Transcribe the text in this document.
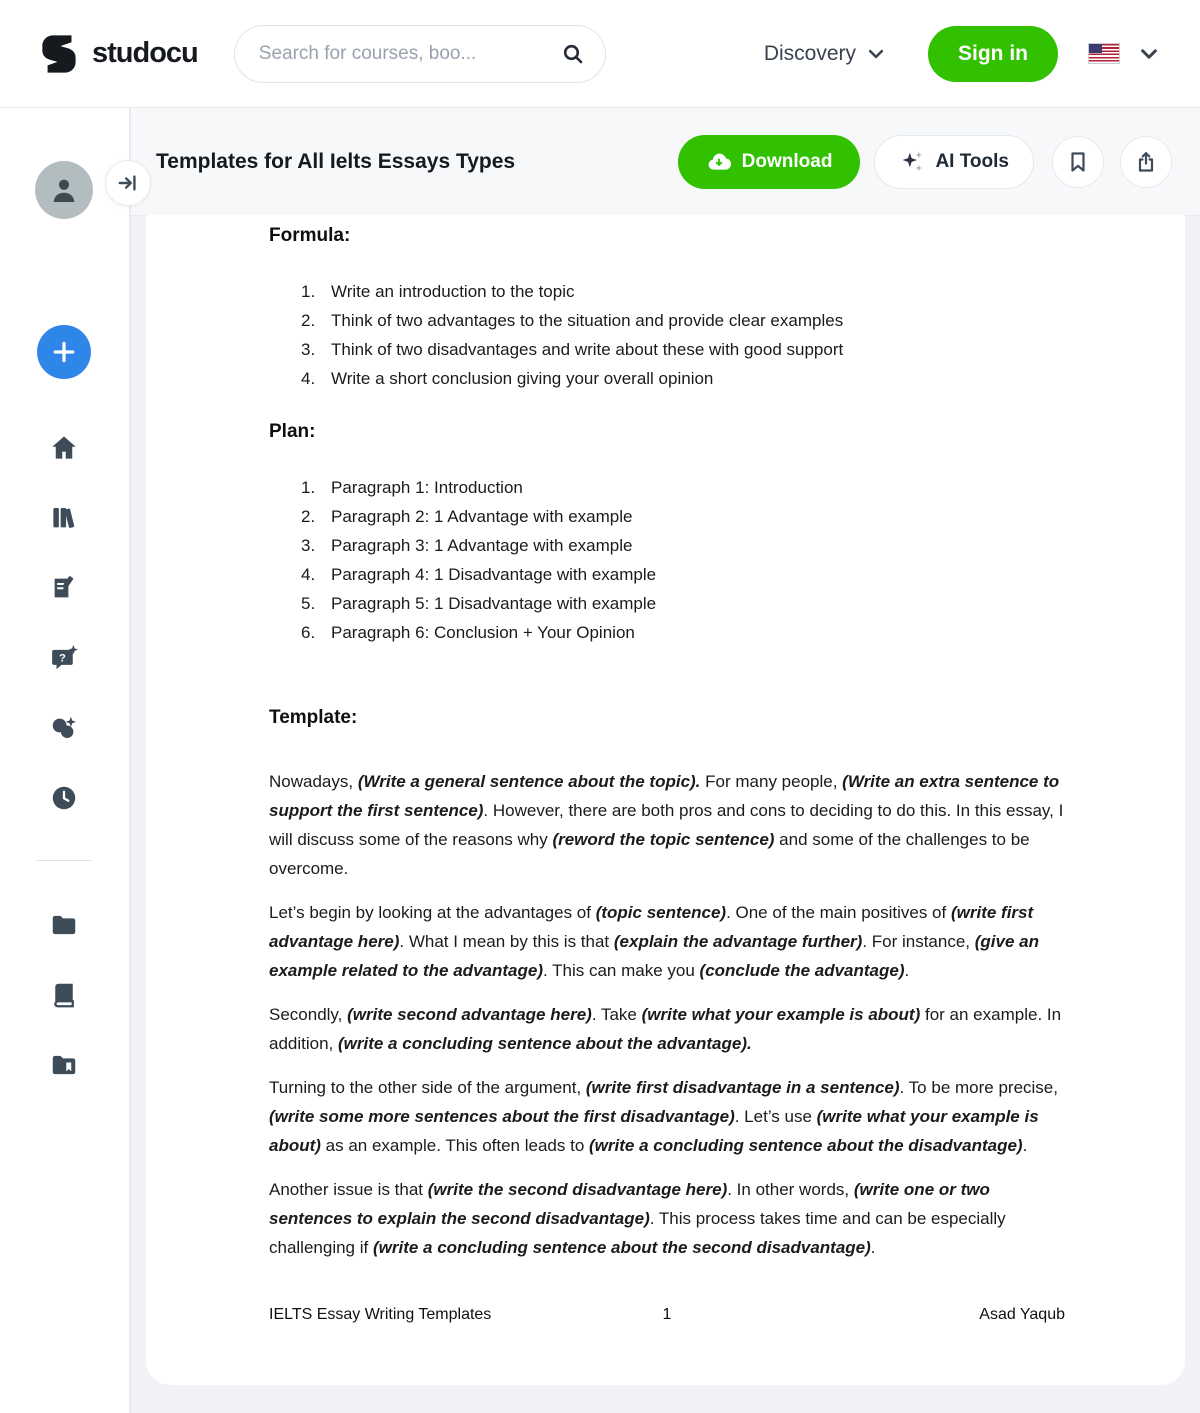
studocu
Search for courses, boo...	Discovery	Sign in
?
Templates for All Ielts Essays Types	Download	AI Tools
Formula:
1. Write an introduction to the topic
2. Think of two advantages to the situation and provide clear examples
3. Think of two disadvantages and write about these with good support
4. Write a short conclusion giving your overall opinion
Plan:
1. Paragraph 1: Introduction
2. Paragraph 2: 1 Advantage with example
3. Paragraph 3: 1 Advantage with example
4. Paragraph 4: 1 Disadvantage with example
5. Paragraph 5: 1 Disadvantage with example
6. Paragraph 6: Conclusion + Your Opinion
Template:
Nowadays, (Write a general sentence about the topic). For many people, (Write an extra sentence to support the first sentence). However, there are both pros and cons to deciding to do this. In this essay, I will discuss some of the reasons why (reword the topic sentence) and some of the challenges to be overcome.
Let’s begin by looking at the advantages of (topic sentence). One of the main positives of (write first advantage here). What I mean by this is that (explain the advantage further). For instance, (give an example related to the advantage). This can make you (conclude the advantage).
Secondly, (write second advantage here). Take (write what your example is about) for an example. In addition, (write a concluding sentence about the advantage).
Turning to the other side of the argument, (write first disadvantage in a sentence). To be more precise, (write some more sentences about the first disadvantage). Let’s use (write what your example is about) as an example. This often leads to (write a concluding sentence about the disadvantage).
Another issue is that (write the second disadvantage here). In other words, (write one or two sentences to explain the second disadvantage). This process takes time and can be especially challenging if (write a concluding sentence about the second disadvantage).
IELTS Essay Writing Templates	1	Asad Yaqub
